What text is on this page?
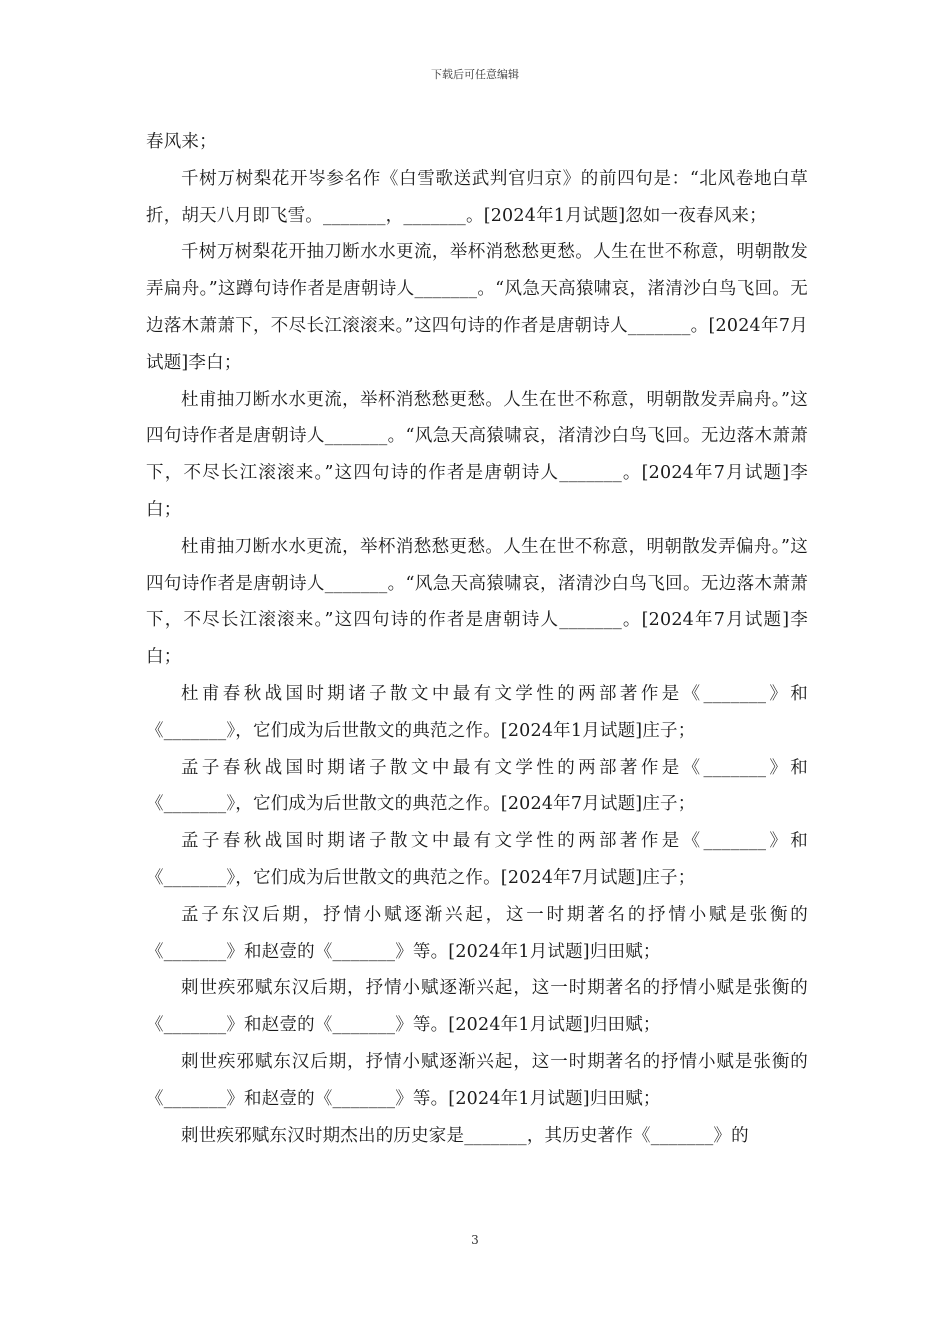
下载后可任意编辑

春风来；

千树万树梨花开岑参名作《白雪歌送武判官归京》的前四句是：“北风卷地白草折，胡天八月即飞雪。_______，_______。[2024年1月试题]忽如一夜春风来；

千树万树梨花开抽刀断水水更流，举杯消愁愁更愁。人生在世不称意，明朝散发弄扁舟。”这蹲句诗作者是唐朝诗人_______。“风急天高猿啸哀，渚清沙白鸟飞回。无边落木萧萧下，不尽长江滚滚来。”这四句诗的作者是唐朝诗人_______。[2024年7月试题]李白；

杜甫抽刀断水水更流，举杯消愁愁更愁。人生在世不称意，明朝散发弄扁舟。”这四句诗作者是唐朝诗人_______。“风急天高猿啸哀，渚清沙白鸟飞回。无边落木萧萧下，不尽长江滚滚来。”这四句诗的作者是唐朝诗人_______。[2024年7月试题]李白；

杜甫抽刀断水水更流，举杯消愁愁更愁。人生在世不称意，明朝散发弄偏舟。”这四句诗作者是唐朝诗人_______。“风急天高猿啸哀，渚清沙白鸟飞回。无边落木萧萧下，不尽长江滚滚来。”这四句诗的作者是唐朝诗人_______。[2024年7月试题]李白；

杜甫春秋战国时期诸子散文中最有文学性的两部著作是《_______》和《_______》，它们成为后世散文的典范之作。[2024年1月试题]庄子；

孟子春秋战国时期诸子散文中最有文学性的两部著作是《_______》和《_______》，它们成为后世散文的典范之作。[2024年7月试题]庄子；

孟子春秋战国时期诸子散文中最有文学性的两部著作是《_______》和《_______》，它们成为后世散文的典范之作。[2024年7月试题]庄子；

孟子东汉后期，抒情小赋逐渐兴起，这一时期著名的抒情小赋是张衡的《_______》和赵壹的《_______》等。[2024年1月试题]归田赋；

刺世疾邪赋东汉后期，抒情小赋逐渐兴起，这一时期著名的抒情小赋是张衡的《_______》和赵壹的《_______》等。[2024年1月试题]归田赋；

刺世疾邪赋东汉后期，抒情小赋逐渐兴起，这一时期著名的抒情小赋是张衡的《_______》和赵壹的《_______》等。[2024年1月试题]归田赋；

刺世疾邪赋东汉时期杰出的历史家是_______，其历史著作《_______》的

3
